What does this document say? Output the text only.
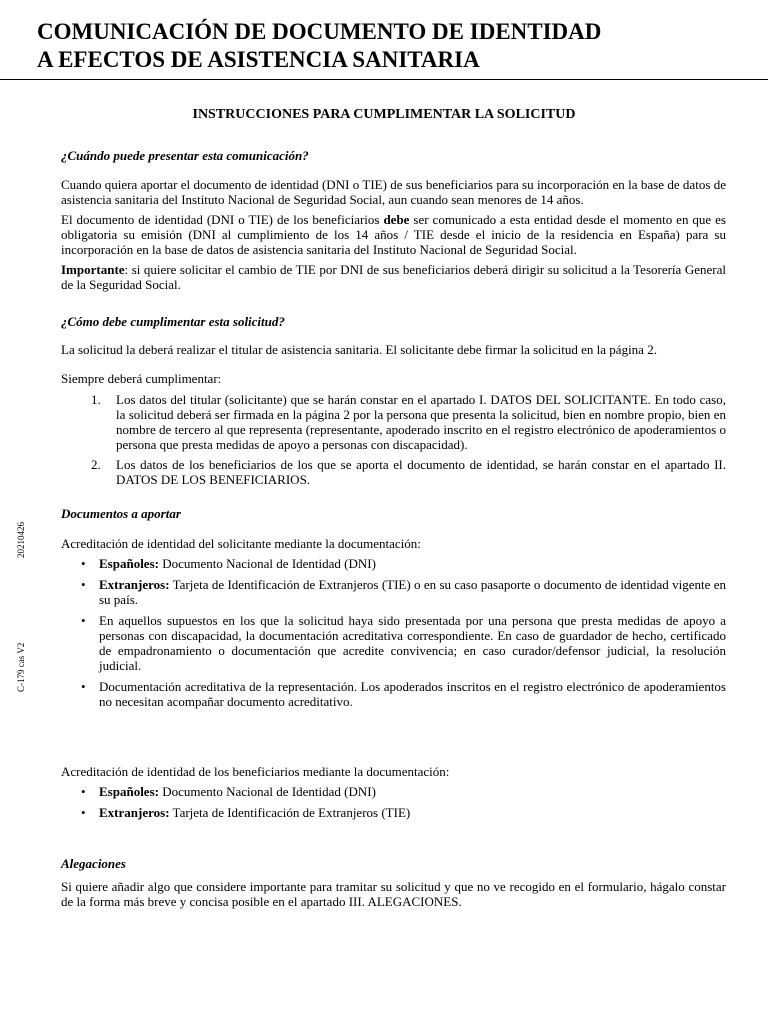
COMUNICACIÓN DE DOCUMENTO DE IDENTIDAD
A EFECTOS DE ASISTENCIA SANITARIA
20210426
C-179 cas V2
INSTRUCCIONES PARA CUMPLIMENTAR LA SOLICITUD
¿Cuándo puede presentar esta comunicación?

Cuando quiera aportar el documento de identidad (DNI o TIE) de sus beneficiarios para su incorporación en la base de datos de asistencia sanitaria del Instituto Nacional de Seguridad Social, aun cuando sean menores de 14 años.

El documento de identidad (DNI o TIE) de los beneficiarios debe ser comunicado a esta entidad desde el momento en que es obligatoria su emisión (DNI al cumplimiento de los 14 años / TIE desde el inicio de la residencia en España) para su incorporación en la base de datos de asistencia sanitaria del Instituto Nacional de Seguridad Social.

Importante: si quiere solicitar el cambio de TIE por DNI de sus beneficiarios deberá dirigir su solicitud a la Tesorería General de la Seguridad Social.

¿Cómo debe cumplimentar esta solicitud?

La solicitud la deberá realizar el titular de asistencia sanitaria. El solicitante debe firmar la solicitud en la página 2.

Siempre deberá cumplimentar:

1. Los datos del titular (solicitante) que se harán constar en el apartado I. DATOS DEL SOLICITANTE. En todo caso, la solicitud deberá ser firmada en la página 2 por la persona que presenta la solicitud, bien en nombre propio, bien en nombre de tercero al que representa (representante, apoderado inscrito en el registro electrónico de apoderamientos o persona que presta medidas de apoyo a personas con discapacidad).
2. Los datos de los beneficiarios de los que se aporta el documento de identidad, se harán constar en el apartado II. DATOS DE LOS BENEFICIARIOS.
Documentos a aportar

Acreditación de identidad del solicitante mediante la documentación:

• Españoles: Documento Nacional de Identidad (DNI)
• Extranjeros: Tarjeta de Identificación de Extranjeros (TIE) o en su caso pasaporte o documento de identidad vigente en su país.
• En aquellos supuestos en los que la solicitud haya sido presentada por una persona que presta medidas de apoyo a personas con discapacidad, la documentación acreditativa correspondiente. En caso de guardador de hecho, certificado de empadronamiento o documentación que acredite convivencia; en caso curador/defensor judicial, la resolución judicial.
• Documentación acreditativa de la representación. Los apoderados inscritos en el registro electrónico de apoderamientos no necesitan acompañar documento acreditativo.

Acreditación de identidad de los beneficiarios mediante la documentación:

• Españoles: Documento Nacional de Identidad (DNI)
• Extranjeros: Tarjeta de Identificación de Extranjeros (TIE)
Alegaciones

Si quiere añadir algo que considere importante para tramitar su solicitud y que no ve recogido en el formulario, hágalo constar de la forma más breve y concisa posible en el apartado III. ALEGACIONES.
